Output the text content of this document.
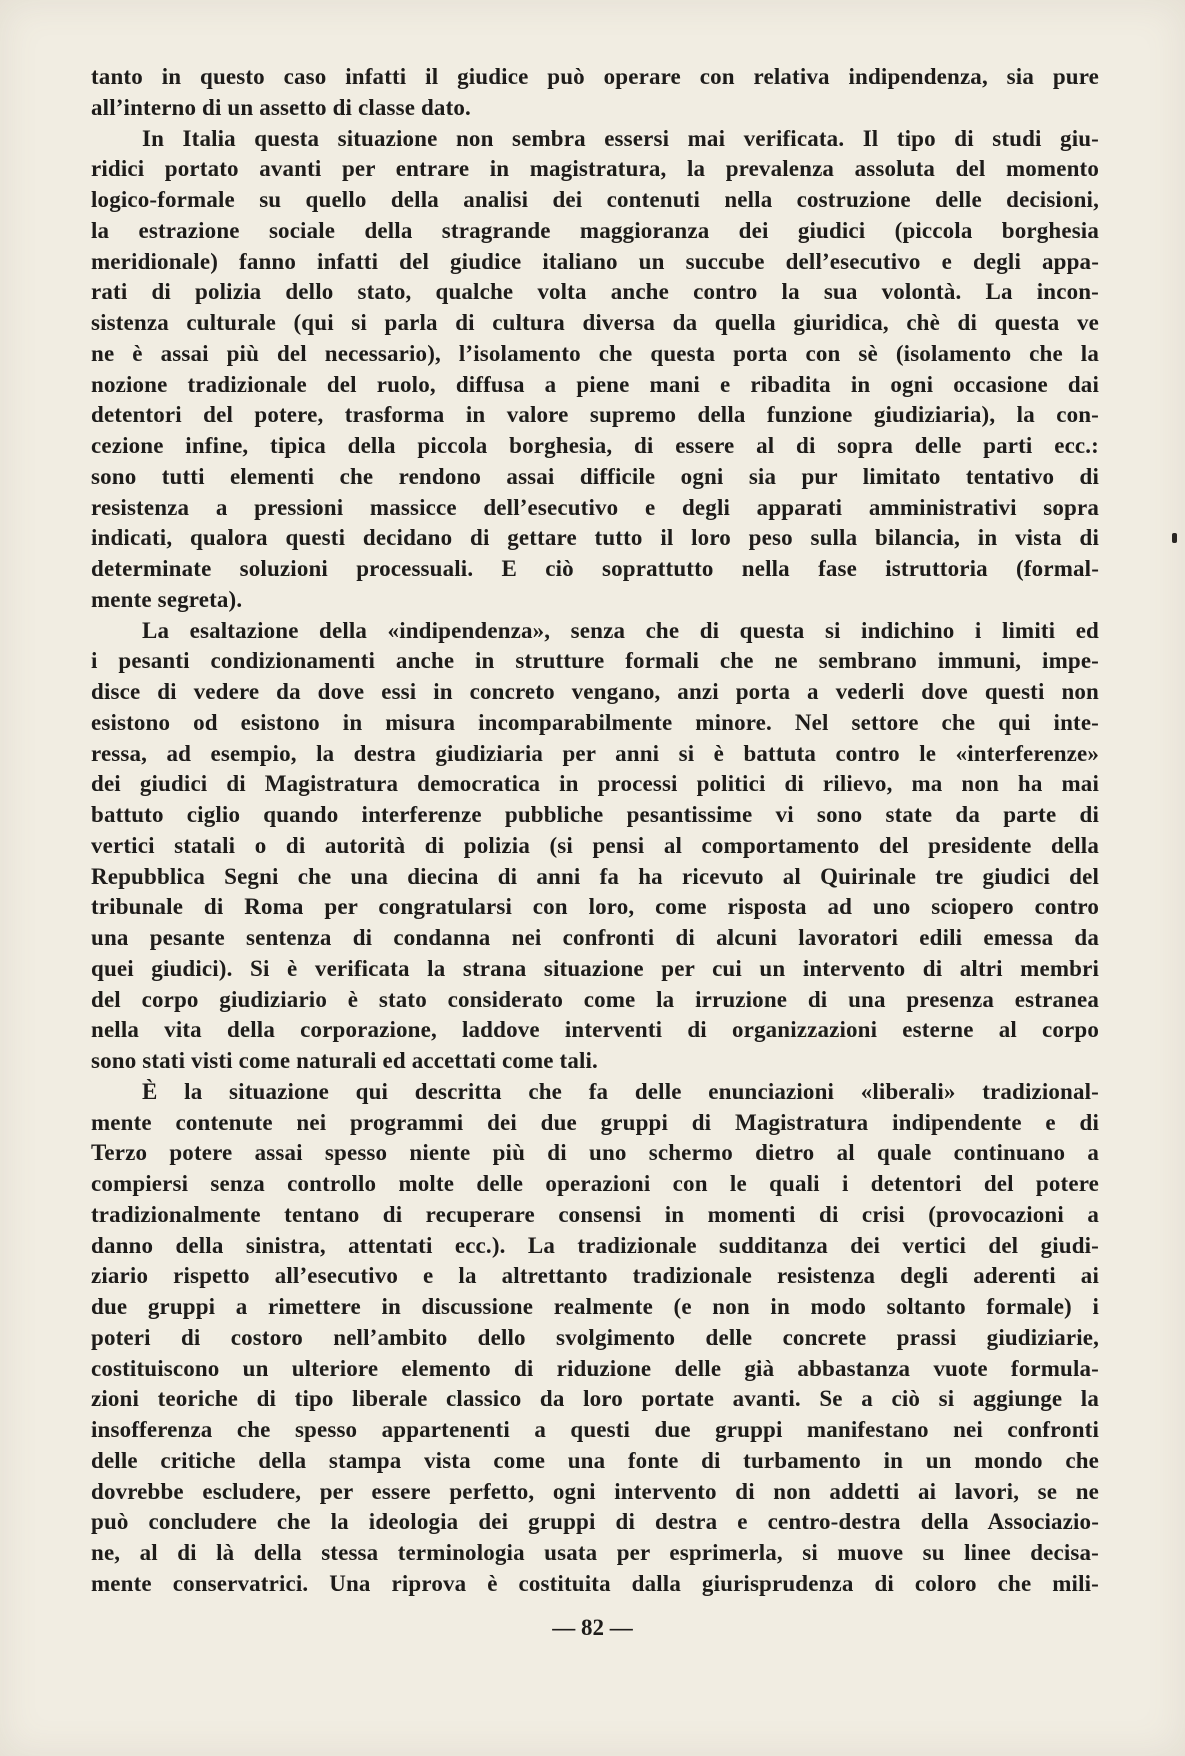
tanto in questo caso infatti il giudice può operare con relativa indipendenza, sia pure
all’interno di un assetto di classe dato.
In Italia questa situazione non sembra essersi mai verificata. Il tipo di studi giu-
ridici portato avanti per entrare in magistratura, la prevalenza assoluta del momento
logico-formale su quello della analisi dei contenuti nella costruzione delle decisioni,
la estrazione sociale della stragrande maggioranza dei giudici (piccola borghesia
meridionale) fanno infatti del giudice italiano un succube dell’esecutivo e degli appa-
rati di polizia dello stato, qualche volta anche contro la sua volontà. La incon-
sistenza culturale (qui si parla di cultura diversa da quella giuridica, chè di questa ve
ne è assai più del necessario), l’isolamento che questa porta con sè (isolamento che la
nozione tradizionale del ruolo, diffusa a piene mani e ribadita in ogni occasione dai
detentori del potere, trasforma in valore supremo della funzione giudiziaria), la con-
cezione infine, tipica della piccola borghesia, di essere al di sopra delle parti ecc.:
sono tutti elementi che rendono assai difficile ogni sia pur limitato tentativo di
resistenza a pressioni massicce dell’esecutivo e degli apparati amministrativi sopra
indicati, qualora questi decidano di gettare tutto il loro peso sulla bilancia, in vista di
determinate soluzioni processuali. E ciò soprattutto nella fase istruttoria (formal-
mente segreta).
La esaltazione della «indipendenza», senza che di questa si indichino i limiti ed
i pesanti condizionamenti anche in strutture formali che ne sembrano immuni, impe-
disce di vedere da dove essi in concreto vengano, anzi porta a vederli dove questi non
esistono od esistono in misura incomparabilmente minore. Nel settore che qui inte-
ressa, ad esempio, la destra giudiziaria per anni si è battuta contro le «interferenze»
dei giudici di Magistratura democratica in processi politici di rilievo, ma non ha mai
battuto ciglio quando interferenze pubbliche pesantissime vi sono state da parte di
vertici statali o di autorità di polizia (si pensi al comportamento del presidente della
Repubblica Segni che una diecina di anni fa ha ricevuto al Quirinale tre giudici del
tribunale di Roma per congratularsi con loro, come risposta ad uno sciopero contro
una pesante sentenza di condanna nei confronti di alcuni lavoratori edili emessa da
quei giudici). Si è verificata la strana situazione per cui un intervento di altri membri
del corpo giudiziario è stato considerato come la irruzione di una presenza estranea
nella vita della corporazione, laddove interventi di organizzazioni esterne al corpo
sono stati visti come naturali ed accettati come tali.
È la situazione qui descritta che fa delle enunciazioni «liberali» tradizional-
mente contenute nei programmi dei due gruppi di Magistratura indipendente e di
Terzo potere assai spesso niente più di uno schermo dietro al quale continuano a
compiersi senza controllo molte delle operazioni con le quali i detentori del potere
tradizionalmente tentano di recuperare consensi in momenti di crisi (provocazioni a
danno della sinistra, attentati ecc.). La tradizionale sudditanza dei vertici del giudi-
ziario rispetto all’esecutivo e la altrettanto tradizionale resistenza degli aderenti ai
due gruppi a rimettere in discussione realmente (e non in modo soltanto formale) i
poteri di costoro nell’ambito dello svolgimento delle concrete prassi giudiziarie,
costituiscono un ulteriore elemento di riduzione delle già abbastanza vuote formula-
zioni teoriche di tipo liberale classico da loro portate avanti. Se a ciò si aggiunge la
insofferenza che spesso appartenenti a questi due gruppi manifestano nei confronti
delle critiche della stampa vista come una fonte di turbamento in un mondo che
dovrebbe escludere, per essere perfetto, ogni intervento di non addetti ai lavori, se ne
può concludere che la ideologia dei gruppi di destra e centro-destra della Associazio-
ne, al di là della stessa terminologia usata per esprimerla, si muove su linee decisa-
mente conservatrici. Una riprova è costituita dalla giurisprudenza di coloro che mili-
— 82 —
